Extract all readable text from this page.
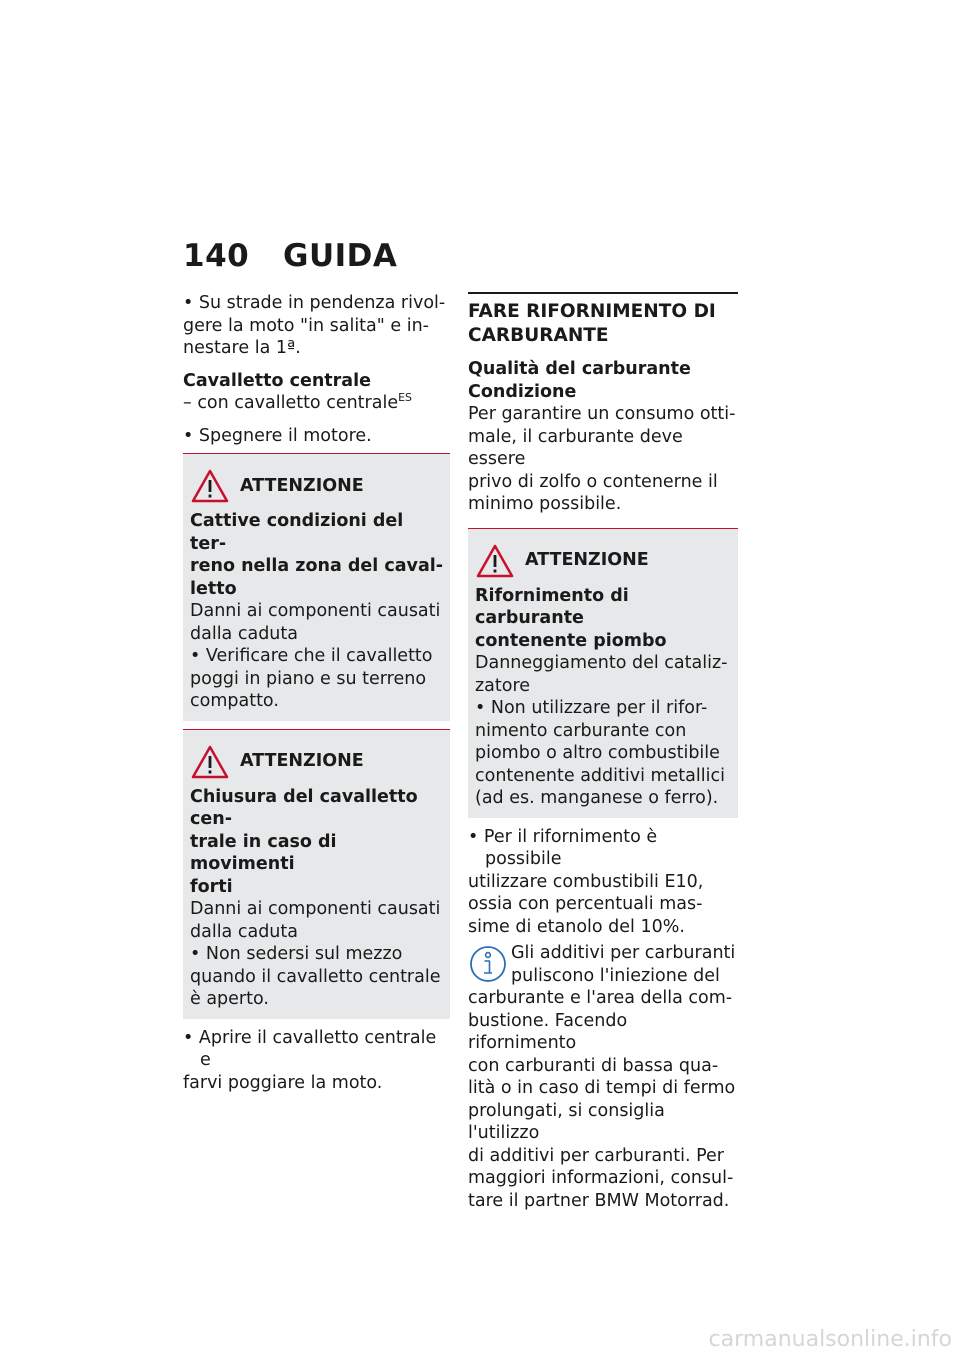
140 GUIDA

• Su strade in pendenza rivol-

gere la moto "in salita" e in-

nestare la 1ª.

Cavalletto centrale

– con cavalletto centrale$^{ES}$

• Spegnere il motore.

ATTENZIONE

Cattive condizioni del ter-

reno nella zona del caval-

letto

Danni ai componenti causati

dalla caduta

• Verificare che il cavalletto

poggi in piano e su terreno

compatto.

ATTENZIONE

Chiusura del cavalletto cen-

trale in caso di movimenti

forti

Danni ai componenti causati

dalla caduta

• Non sedersi sul mezzo

quando il cavalletto centrale

è aperto.

• Aprire il cavalletto centrale e

farvi poggiare la moto.

FARE RIFORNIMENTO DI

CARBURANTE

Qualità del carburante

Condizione

Per garantire un consumo otti-

male, il carburante deve essere

privo di zolfo o contenerne il

minimo possibile.

ATTENZIONE

Rifornimento di carburante

contenente piombo

Danneggiamento del cataliz-

zatore

• Non utilizzare per il rifor-

nimento carburante con

piombo o altro combustibile

contenente additivi metallici

(ad es. manganese o ferro).

• Per il rifornimento è possibile

utilizzare combustibili E10,

ossia con percentuali mas-

sime di etanolo del 10%.

Gli additivi per carburanti

puliscono l'iniezione del

carburante e l'area della com-

bustione. Facendo rifornimento

con carburanti di bassa qua-

lità o in caso di tempi di fermo

prolungati, si consiglia l'utilizzo

di additivi per carburanti. Per

maggiori informazioni, consul-

tare il partner BMW Motorrad.

carmanualsonline.info
